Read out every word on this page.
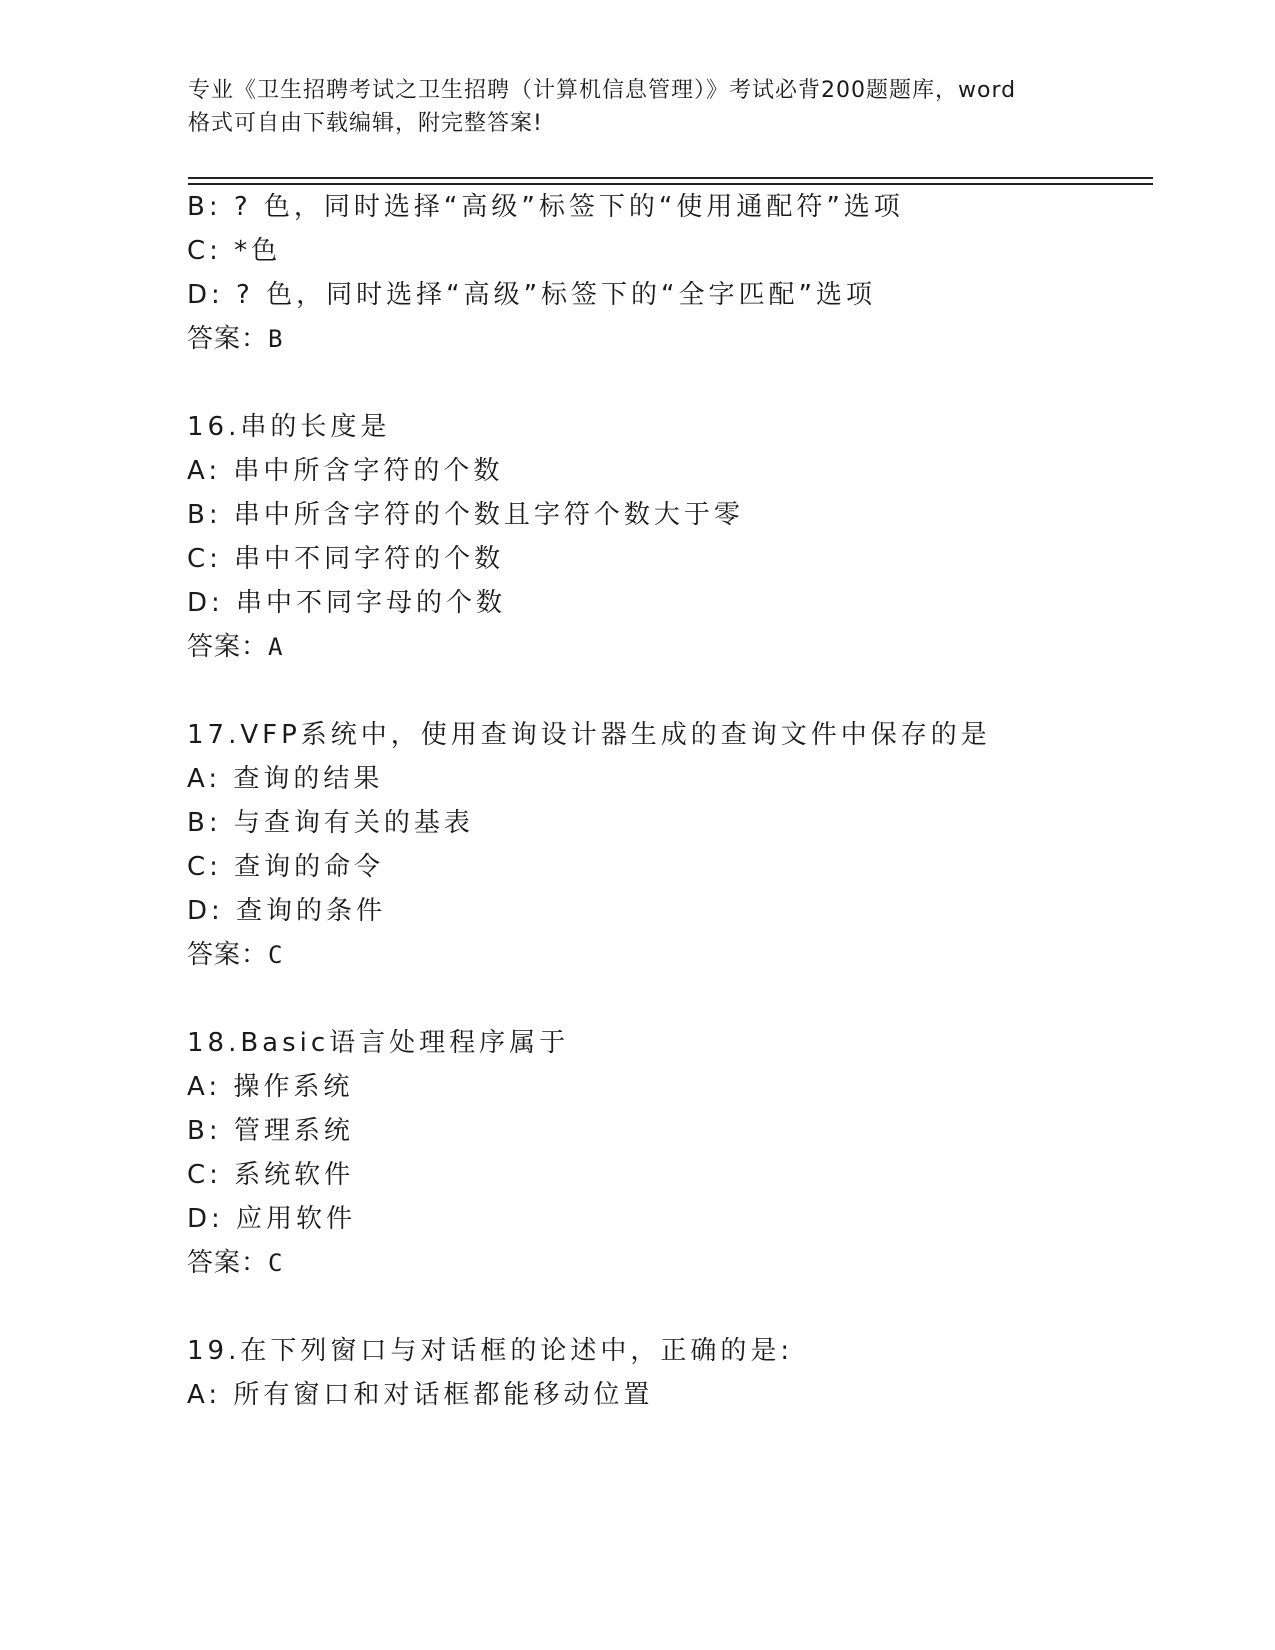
专业《卫生招聘考试之卫生招聘（计算机信息管理）》考试必背200题题库，word
格式可自由下载编辑，附完整答案!
B: ? 色，同时选择“高级”标签下的“使用通配符”选项
C: *色
D: ? 色，同时选择“高级”标签下的“全字匹配”选项
答案：B
16.串的长度是
A: 串中所含字符的个数
B: 串中所含字符的个数且字符个数大于零
C: 串中不同字符的个数
D: 串中不同字母的个数
答案：A
17.VFP系统中，使用查询设计器生成的查询文件中保存的是
A: 查询的结果
B: 与查询有关的基表
C: 查询的命令
D: 查询的条件
答案：C
18.Basic语言处理程序属于
A: 操作系统
B: 管理系统
C: 系统软件
D: 应用软件
答案：C
19.在下列窗口与对话框的论述中，正确的是:
A: 所有窗口和对话框都能移动位置
